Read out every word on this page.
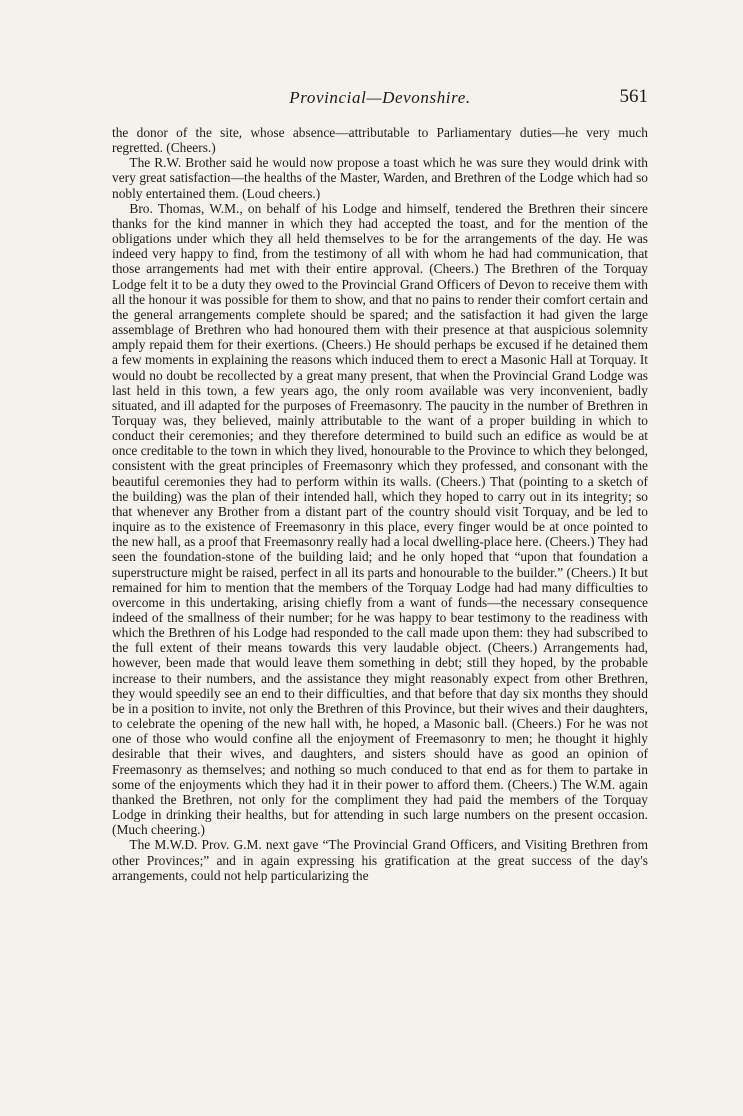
Provincial—Devonshire.	561

the donor of the site, whose absence—attributable to Parliamentary duties—he very much regretted. (Cheers.)

The R.W. Brother said he would now propose a toast which he was sure they would drink with very great satisfaction—the healths of the Master, Warden, and Brethren of the Lodge which had so nobly entertained them. (Loud cheers.)

Bro. Thomas, W.M., on behalf of his Lodge and himself, tendered the Brethren their sincere thanks for the kind manner in which they had accepted the toast, and for the mention of the obligations under which they all held themselves to be for the arrangements of the day. He was indeed very happy to find, from the testimony of all with whom he had had communication, that those arrangements had met with their entire approval. (Cheers.) The Brethren of the Torquay Lodge felt it to be a duty they owed to the Provincial Grand Officers of Devon to receive them with all the honour it was possible for them to show, and that no pains to render their comfort certain and the general arrangements complete should be spared; and the satisfaction it had given the large assemblage of Brethren who had honoured them with their presence at that auspicious solemnity amply repaid them for their exertions. (Cheers.) He should perhaps be excused if he detained them a few moments in explaining the reasons which induced them to erect a Masonic Hall at Torquay. It would no doubt be recollected by a great many present, that when the Provincial Grand Lodge was last held in this town, a few years ago, the only room available was very inconvenient, badly situated, and ill adapted for the purposes of Freemasonry. The paucity in the number of Brethren in Torquay was, they believed, mainly attributable to the want of a proper building in which to conduct their ceremonies; and they therefore determined to build such an edifice as would be at once creditable to the town in which they lived, honourable to the Province to which they belonged, consistent with the great principles of Freemasonry which they professed, and consonant with the beautiful ceremonies they had to perform within its walls. (Cheers.) That (pointing to a sketch of the building) was the plan of their intended hall, which they hoped to carry out in its integrity; so that whenever any Brother from a distant part of the country should visit Torquay, and be led to inquire as to the existence of Freemasonry in this place, every finger would be at once pointed to the new hall, as a proof that Freemasonry really had a local dwelling-place here. (Cheers.) They had seen the foundation-stone of the building laid; and he only hoped that “upon that foundation a superstructure might be raised, perfect in all its parts and honourable to the builder.” (Cheers.) It but remained for him to mention that the members of the Torquay Lodge had had many difficulties to overcome in this undertaking, arising chiefly from a want of funds—the necessary consequence indeed of the smallness of their number; for he was happy to bear testimony to the readiness with which the Brethren of his Lodge had responded to the call made upon them: they had subscribed to the full extent of their means towards this very laudable object. (Cheers.) Arrangements had, however, been made that would leave them something in debt; still they hoped, by the probable increase to their numbers, and the assistance they might reasonably expect from other Brethren, they would speedily see an end to their difficulties, and that before that day six months they should be in a position to invite, not only the Brethren of this Province, but their wives and their daughters, to celebrate the opening of the new hall with, he hoped, a Masonic ball. (Cheers.) For he was not one of those who would confine all the enjoyment of Freemasonry to men; he thought it highly desirable that their wives, and daughters, and sisters should have as good an opinion of Freemasonry as themselves; and nothing so much conduced to that end as for them to partake in some of the enjoyments which they had it in their power to afford them. (Cheers.) The W.M. again thanked the Brethren, not only for the compliment they had paid the members of the Torquay Lodge in drinking their healths, but for attending in such large numbers on the present occasion. (Much cheering.)

The M.W.D. Prov. G.M. next gave “The Provincial Grand Officers, and Visiting Brethren from other Provinces;” and in again expressing his gratification at the great success of the day's arrangements, could not help particularizing the
